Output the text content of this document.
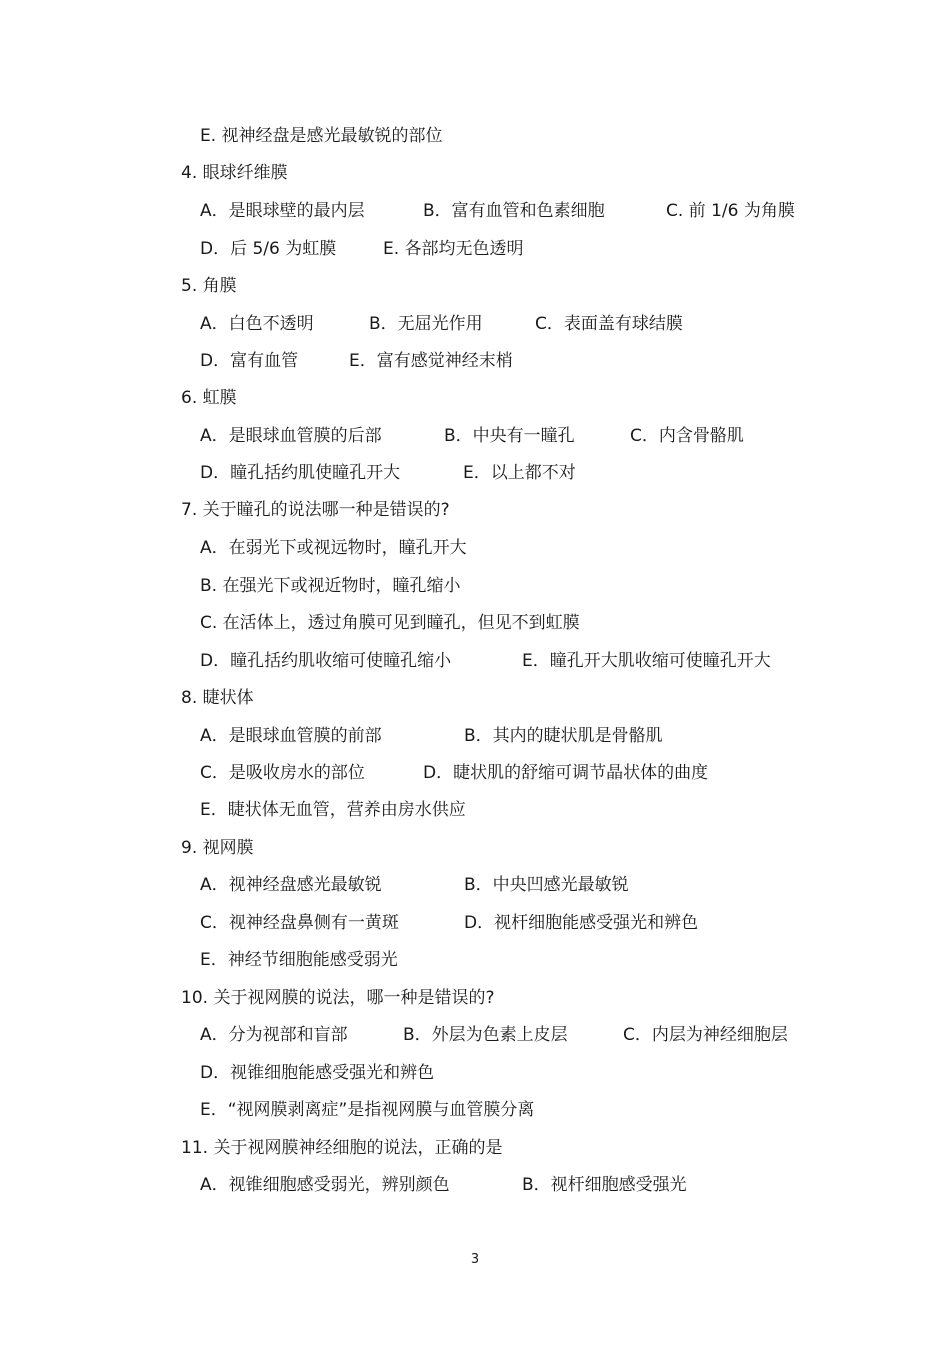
E. 视神经盘是感光最敏锐的部位
4. 眼球纤维膜
A．是眼球壁的最内层	B．富有血管和色素细胞	C. 前 1/6 为角膜
D．后 5/6 为虹膜	E. 各部均无色透明
5. 角膜
A．白色不透明	B．无屈光作用	C．表面盖有球结膜
D．富有血管	E．富有感觉神经末梢
6. 虹膜
A．是眼球血管膜的后部	B．中央有一瞳孔	C．内含骨骼肌
D．瞳孔括约肌使瞳孔开大	E．以上都不对
7. 关于瞳孔的说法哪一种是错误的?
A．在弱光下或视远物时，瞳孔开大
B. 在强光下或视近物时，瞳孔缩小
C. 在活体上，透过角膜可见到瞳孔，但见不到虹膜
D．瞳孔括约肌收缩可使瞳孔缩小	E．瞳孔开大肌收缩可使瞳孔开大
8. 睫状体
A．是眼球血管膜的前部	B．其内的睫状肌是骨骼肌
C．是吸收房水的部位	D．睫状肌的舒缩可调节晶状体的曲度
E．睫状体无血管，营养由房水供应
9. 视网膜
A．视神经盘感光最敏锐	B．中央凹感光最敏锐
C．视神经盘鼻侧有一黄斑	D．视杆细胞能感受强光和辨色
E．神经节细胞能感受弱光
10. 关于视网膜的说法，哪一种是错误的?
A．分为视部和盲部	B．外层为色素上皮层	C．内层为神经细胞层
D．视锥细胞能感受强光和辨色
E．“视网膜剥离症”是指视网膜与血管膜分离
11. 关于视网膜神经细胞的说法，正确的是
A．视锥细胞感受弱光，辨别颜色	B．视杆细胞感受强光
3
